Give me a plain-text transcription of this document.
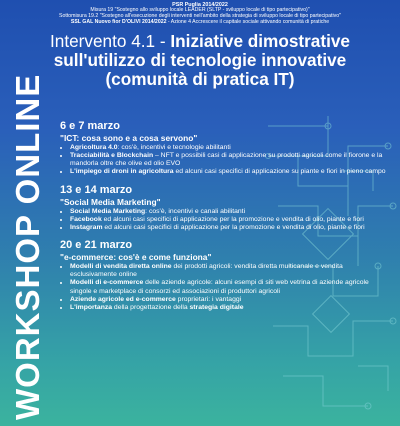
PSR Puglia 2014/2022
Misura 19 "Sostegno allo sviluppo locale LEADER (SLTP - sviluppo locale di tipo partecipativo)"
Sottomisura 19.2 "Sostegno all'esecuzione degli interventi nell'ambito della strategia di sviluppo locale di tipo partecipativo"
SSL GAL Nuovo fior D'OLIVI 2014/2022 - Azione 4 Accrescere il capitale sociale attivando comunità di pratiche
Intervento 4.1 - Iniziative dimostrative
sull'utilizzo di tecnologie innovative
(comunità di pratica IT)
WORKSHOP ONLINE 6 e 7 marzo
"ICT: cosa sono e a cosa servono"
• Agricoltura 4.0: cos'è, incentivi e tecnologie abilitanti
• Tracciabilità e Blockchain – NFT e possibili casi di applicazione su prodotti agricoli come il fiorone e la mandorla oltre che olive ed olio EVO
• L'impiego di droni in agricoltura ed alcuni casi specifici di applicazione su piante e fiori in pieno campo
13 e 14 marzo
"Social Media Marketing"
• Social Media Marketing: cos'è, incentivi e canali abilitanti
• Facebook ed alcuni casi specifici di applicazione per la promozione e vendita di olio, piante e fiori
• Instagram ed alcuni casi specifici di applicazione per la promozione e vendita di olio, piante e fiori
20 e 21 marzo
"e-commerce: cos'è e come funziona"
• Modelli di vendita diretta online dei prodotti agricoli: vendita diretta multicanale e vendita esclusivamente online
• Modelli di e-commerce delle aziende agricole: alcuni esempi di siti web vetrina di aziende agricole singole e marketplace di consorzi ed associazioni di produttori agricoli
• Aziende agricole ed e-commerce proprietari: i vantaggi
• L'importanza della progettazione della strategia digitale
